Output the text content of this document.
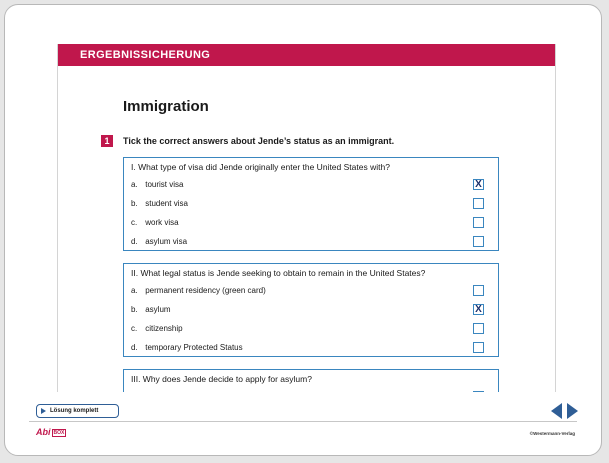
ERGEBNISSICHERUNG
Immigration
1	Tick the correct answers about Jende’s status as an immigrant.
I. What type of visa did Jende originally enter the United States with?
a. tourist visa	X
b. student visa
c. work visa
d. asylum visa
II. What legal status is Jende seeking to obtain to remain in the United States?
a. permanent residency (green card)
b. asylum	X
c. citizenship
d. temporary Protected Status
III. Why does Jende decide to apply for asylum?
Lösung komplett
Abi BOX	©Westermann-Verlag
